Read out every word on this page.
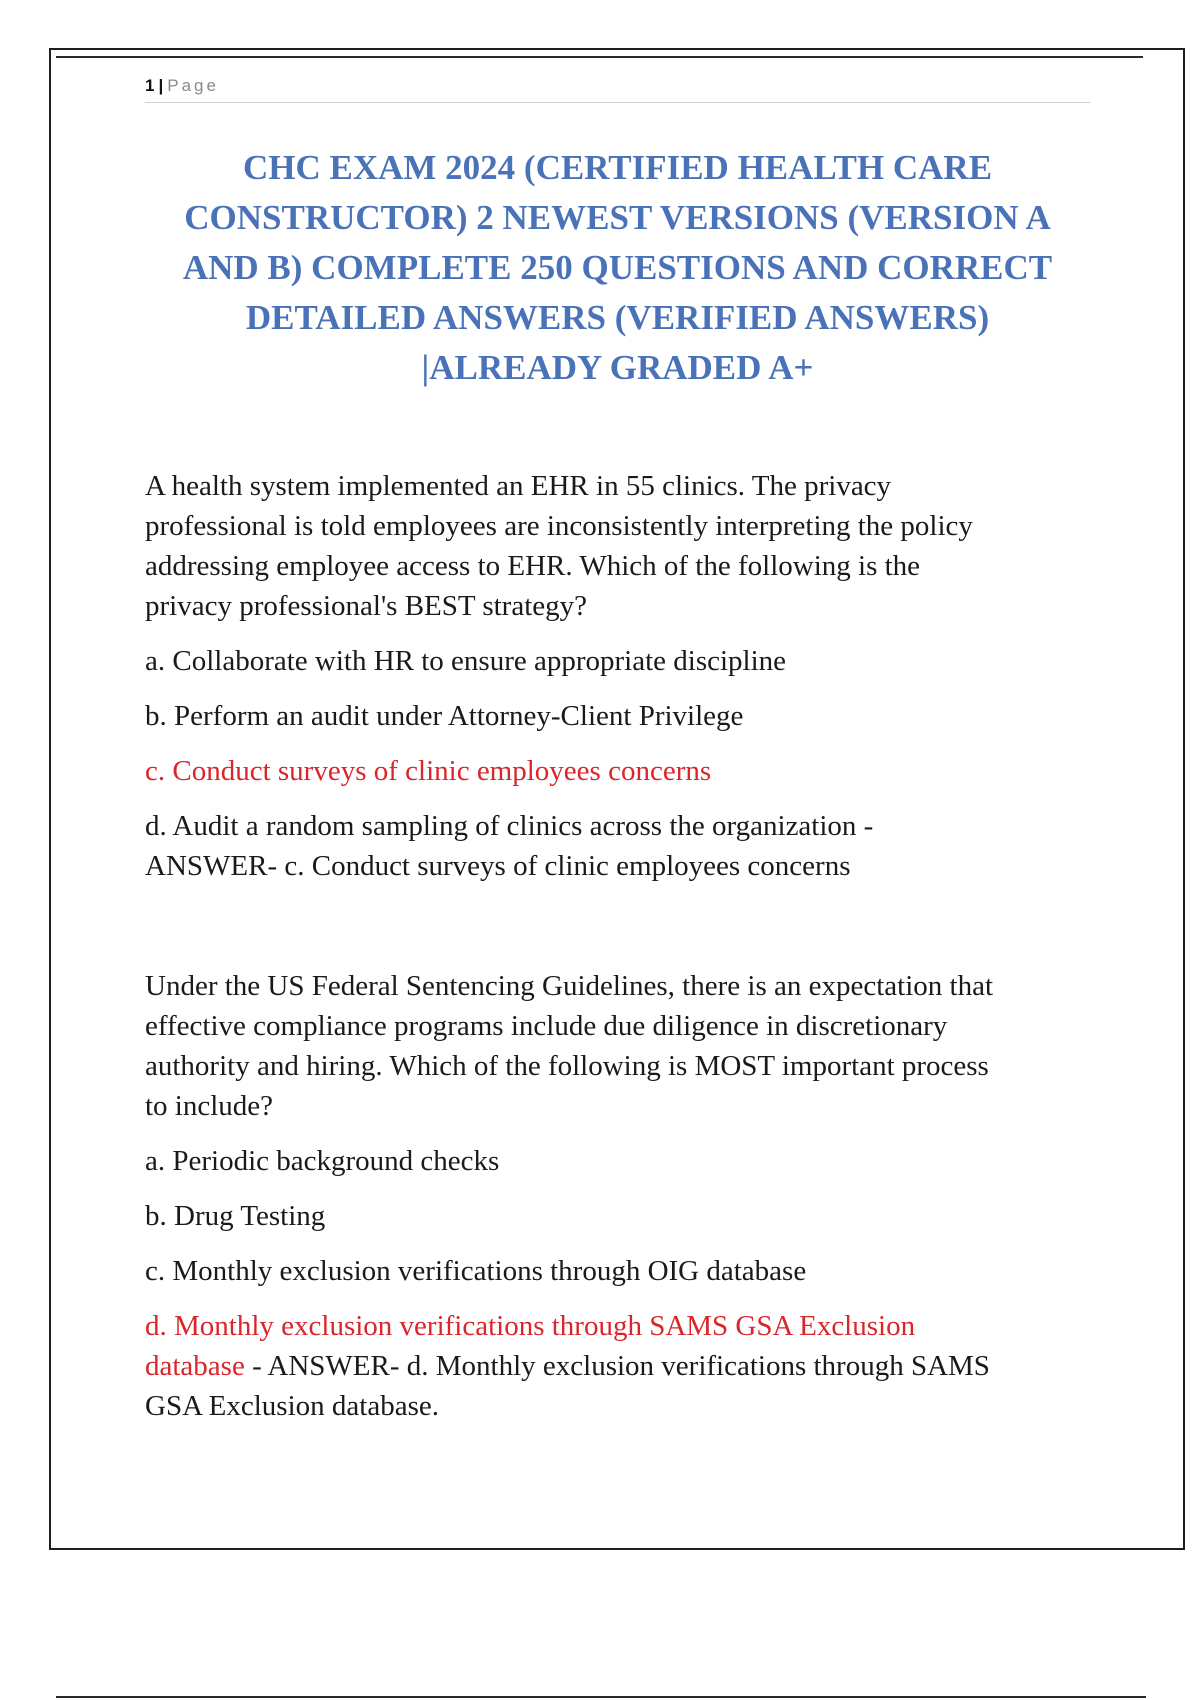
1 | Page
CHC EXAM 2024 (CERTIFIED HEALTH CARE
CONSTRUCTOR) 2 NEWEST VERSIONS (VERSION A
AND B) COMPLETE 250 QUESTIONS AND CORRECT
DETAILED ANSWERS (VERIFIED ANSWERS)
|ALREADY GRADED A+

A health system implemented an EHR in 55 clinics. The privacy
professional is told employees are inconsistently interpreting the policy
addressing employee access to EHR. Which of the following is the
privacy professional's BEST strategy?

a. Collaborate with HR to ensure appropriate discipline

b. Perform an audit under Attorney-Client Privilege

c. Conduct surveys of clinic employees concerns

d. Audit a random sampling of clinics across the organization -
ANSWER- c. Conduct surveys of clinic employees concerns

Under the US Federal Sentencing Guidelines, there is an expectation that
effective compliance programs include due diligence in discretionary
authority and hiring. Which of the following is MOST important process
to include?

a. Periodic background checks

b. Drug Testing

c. Monthly exclusion verifications through OIG database

d. Monthly exclusion verifications through SAMS GSA Exclusion
database - ANSWER- d. Monthly exclusion verifications through SAMS
GSA Exclusion database.
